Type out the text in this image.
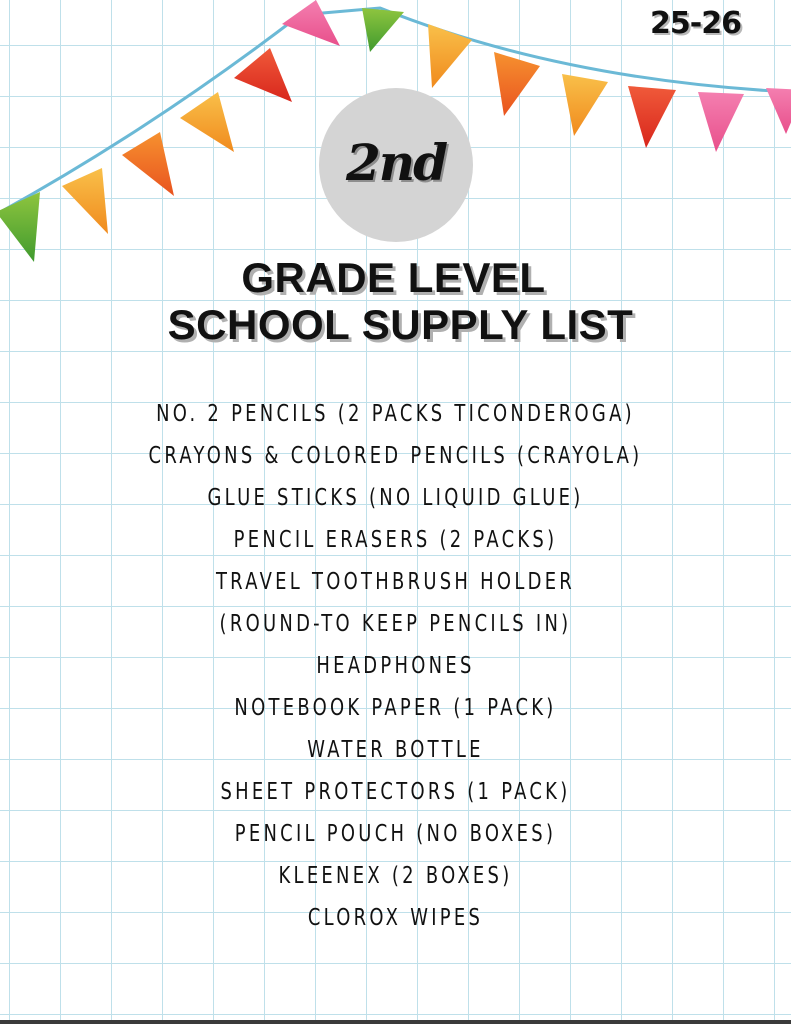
25-26
2nd
GRADE LEVEL
SCHOOL SUPPLY LIST
NO. 2 PENCILS (2 PACKS TICONDEROGA)
CRAYONS & COLORED PENCILS (CRAYOLA)
GLUE STICKS (NO LIQUID GLUE)
PENCIL ERASERS (2 PACKS)
TRAVEL TOOTHBRUSH HOLDER
(ROUND-TO KEEP PENCILS IN)
HEADPHONES
NOTEBOOK PAPER (1 PACK)
WATER BOTTLE
SHEET PROTECTORS (1 PACK)
PENCIL POUCH (NO BOXES)
KLEENEX (2 BOXES)
CLOROX WIPES
